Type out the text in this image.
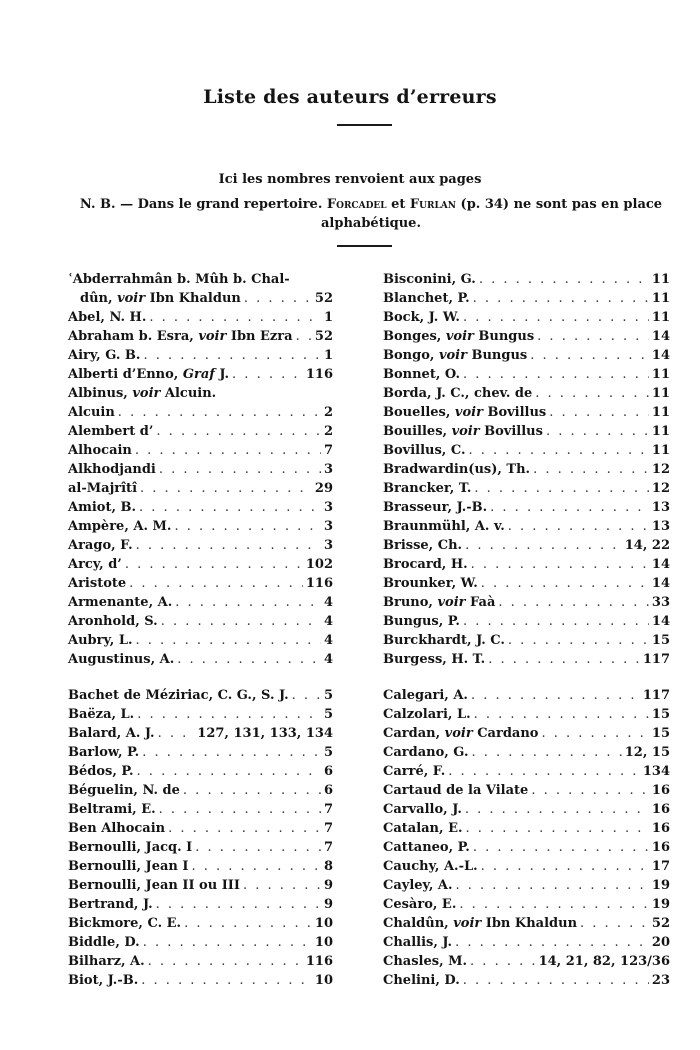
Liste des auteurs d’erreurs
Ici les nombres renvoient aux pages
N. B. — Dans le grand repertoire. Forcadel et Furlan (p. 34) ne sont pas en place alphabétique.
ʿAbderrahmân b. Mûh b. Chal-
dûn, voir Ibn Khaldun . . .	52
Abel, N. H. . . .	1
Abraham b. Esra, voir Ibn Ezra . . . 52
Airy, G. B. . . .	1
Alberti d’Enno, Graf J. . . .	116
Albinus, voir Alcuin.
Alcuin . . .	2
Alembert d’ . . .	2
Alhocain . . .	7
Alkhodjandi . . .	3
al-Majrîtî . . .	29
Amiot, B. . . .	3
Ampère, A. M. . . .	3
Arago, F. . . .	3
Arcy, d’ . . .	102
Aristote . . .	116
Armenante, A. . . .	4
Aronhold, S. . . .	4
Aubry, L. . . .	4
Augustinus, A. . . .	4
Bachet de Méziriac, C. G., S. J. . . .	5
Baëza, L. . . .	5
Balard, A. J. . . .	127, 131, 133, 134
Barlow, P. . . .	5
Bédos, P. . . .	6
Béguelin, N. de . . .	6
Beltrami, E. . . .	7
Ben Alhocain . . .	7
Bernoulli, Jacq. I . . .	7
Bernoulli, Jean I . . .	8
Bernoulli, Jean II ou III . . .	9
Bertrand, J. . . .	9
Bickmore, C. E. . . .	10
Biddle, D. . . .	10
Bilharz, A. . . .	116
Biot, J.-B. . . .	10
Bisconini, G. . . .	11
Blanchet, P. . . .	11
Bock, J. W. . . .	11
Bonges, voir Bungus . . .	14
Bongo, voir Bungus . . .	14
Bonnet, O. . . .	11
Borda, J. C., chev. de . . .	11
Bouelles, voir Bovillus . . .	11
Bouilles, voir Bovillus . . .	11
Bovillus, C. . . .	11
Bradwardin(us), Th. . . .	12
Brancker, T. . . .	12
Brasseur, J.-B. . . .	13
Braunmühl, A. v. . . .	13
Brisse, Ch. . . .	14, 22
Brocard, H. . . .	14
Brounker, W. . . .	14
Bruno, voir Faà . . .	33
Bungus, P. . . .	14
Burckhardt, J. C. . . .	15
Burgess, H. T. . . .	117
Calegari, A. . . .	117
Calzolari, L. . . .	15
Cardan, voir Cardano . . .	15
Cardano, G. . . .	12, 15
Carré, F. . . .	134
Cartaud de la Vilate . . .	16
Carvallo, J. . . .	16
Catalan, E. . . .	16
Cattaneo, P. . . .	16
Cauchy, A.-L. . . .	17
Cayley, A. . . .	19
Cesàro, E. . . .	19
Chaldûn, voir Ibn Khaldun . . .	52
Challis, J. . . .	20
Chasles, M. . . .	14, 21, 82, 123/36
Chelini, D. . . .	23
